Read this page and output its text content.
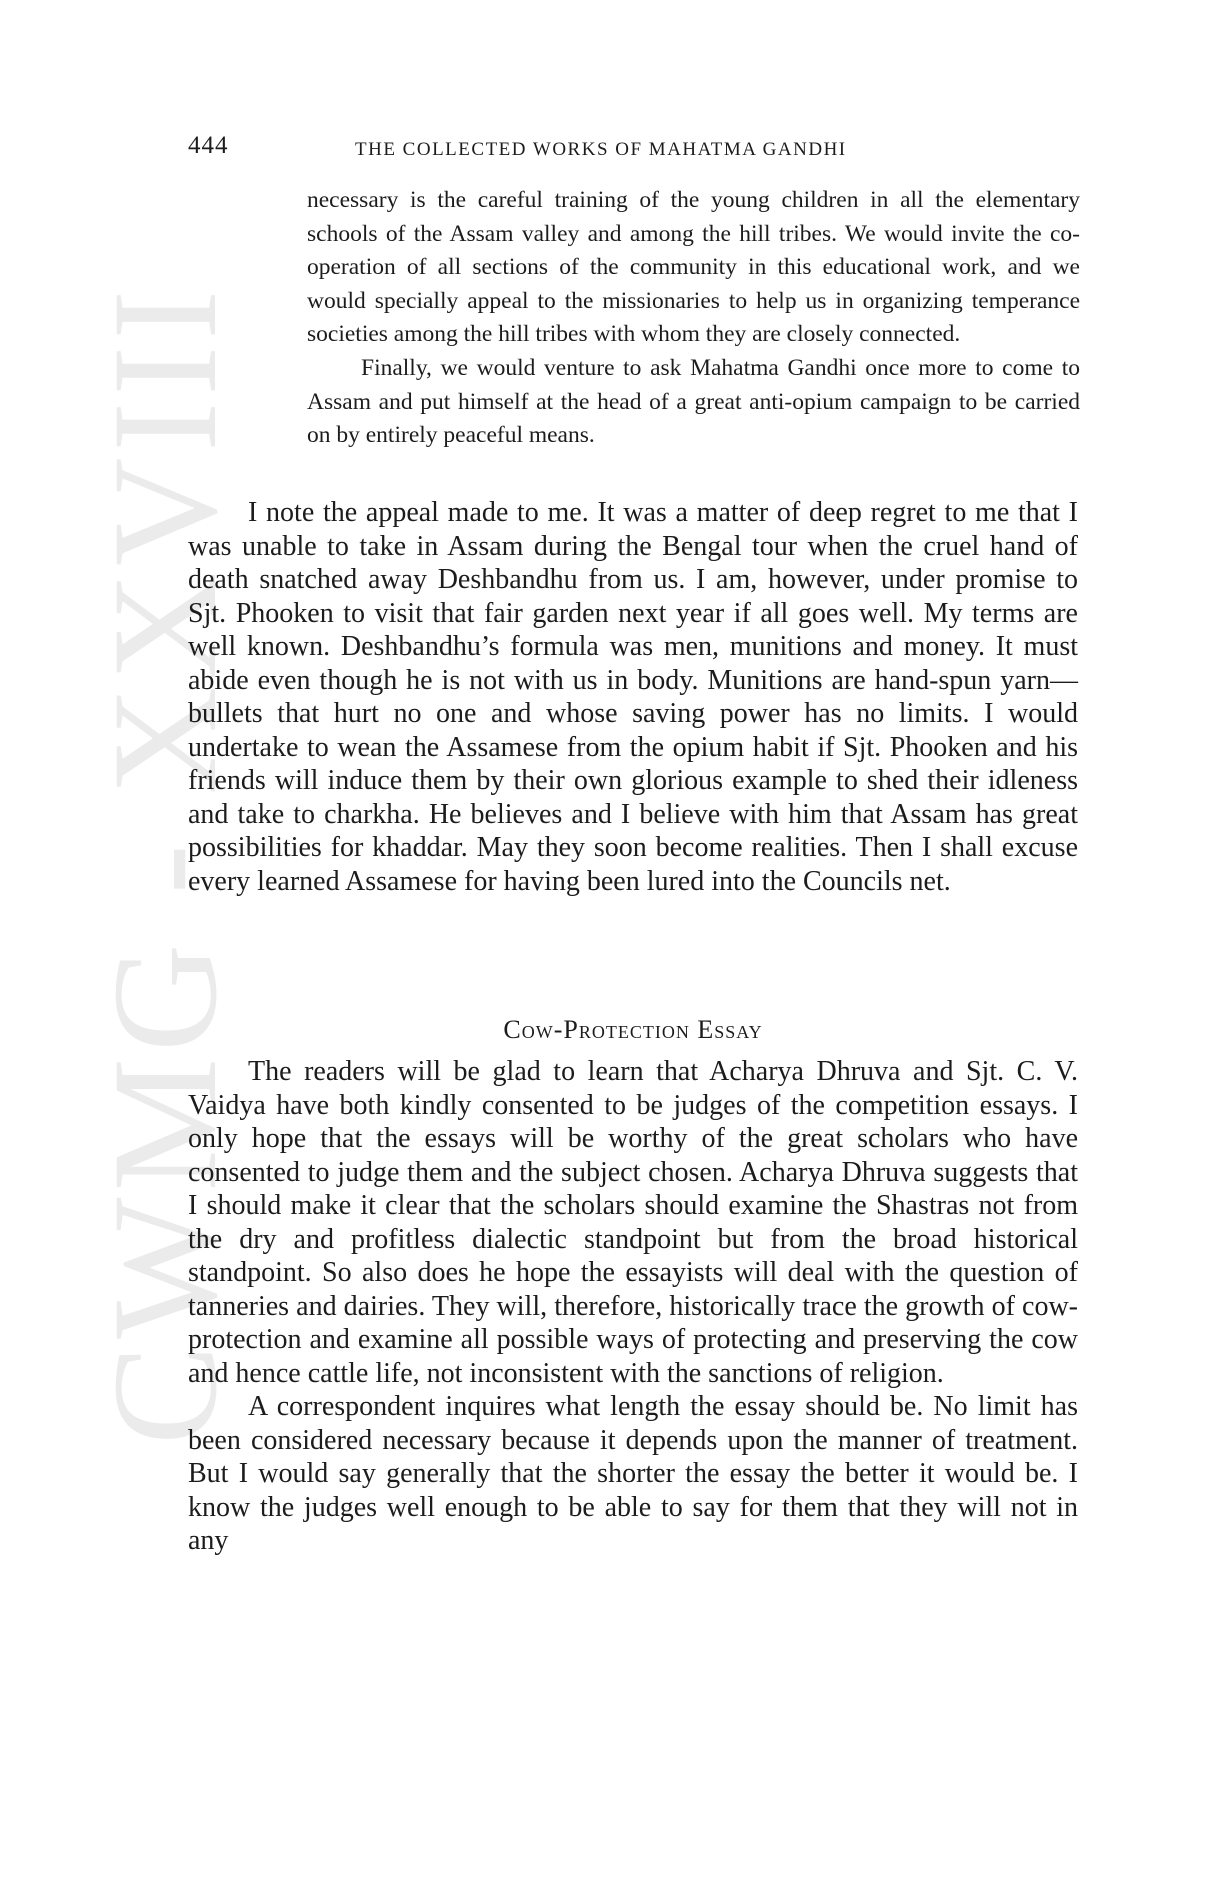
CWMG - XXVIII
444	THE COLLECTED WORKS OF MAHATMA GANDHI

necessary is the careful training of the young children in all the elementary schools of the Assam valley and among the hill tribes. We would invite the co-operation of all sections of the community in this educational work, and we would specially appeal to the missionaries to help us in organizing temperance societies among the hill tribes with whom they are closely connected.

Finally, we would venture to ask Mahatma Gandhi once more to come to Assam and put himself at the head of a great anti-opium campaign to be carried on by entirely peaceful means.

I note the appeal made to me. It was a matter of deep regret to me that I was unable to take in Assam during the Bengal tour when the cruel hand of death snatched away Deshbandhu from us. I am, however, under promise to Sjt. Phooken to visit that fair garden next year if all goes well. My terms are well known. Deshbandhu’s formula was men, munitions and money. It must abide even though he is not with us in body. Munitions are hand-spun yarn—bullets that hurt no one and whose saving power has no limits. I would undertake to wean the Assamese from the opium habit if Sjt. Phooken and his friends will induce them by their own glorious example to shed their idleness and take to charkha. He believes and I believe with him that Assam has great possibilities for khaddar. May they soon become realities. Then I shall excuse every learned Assamese for having been lured into the Councils net.

Cow-Protection Essay

The readers will be glad to learn that Acharya Dhruva and Sjt. C. V. Vaidya have both kindly consented to be judges of the competition essays. I only hope that the essays will be worthy of the great scholars who have consented to judge them and the subject chosen. Acharya Dhruva suggests that I should make it clear that the scholars should examine the Shastras not from the dry and profitless dialectic standpoint but from the broad historical standpoint. So also does he hope the essayists will deal with the question of tanneries and dairies. They will, therefore, historically trace the growth of cow-protection and examine all possible ways of protecting and preserving the cow and hence cattle life, not inconsistent with the sanctions of religion.

A correspondent inquires what length the essay should be. No limit has been considered necessary because it depends upon the manner of treatment. But I would say generally that the shorter the essay the better it would be. I know the judges well enough to be able to say for them that they will not in any
